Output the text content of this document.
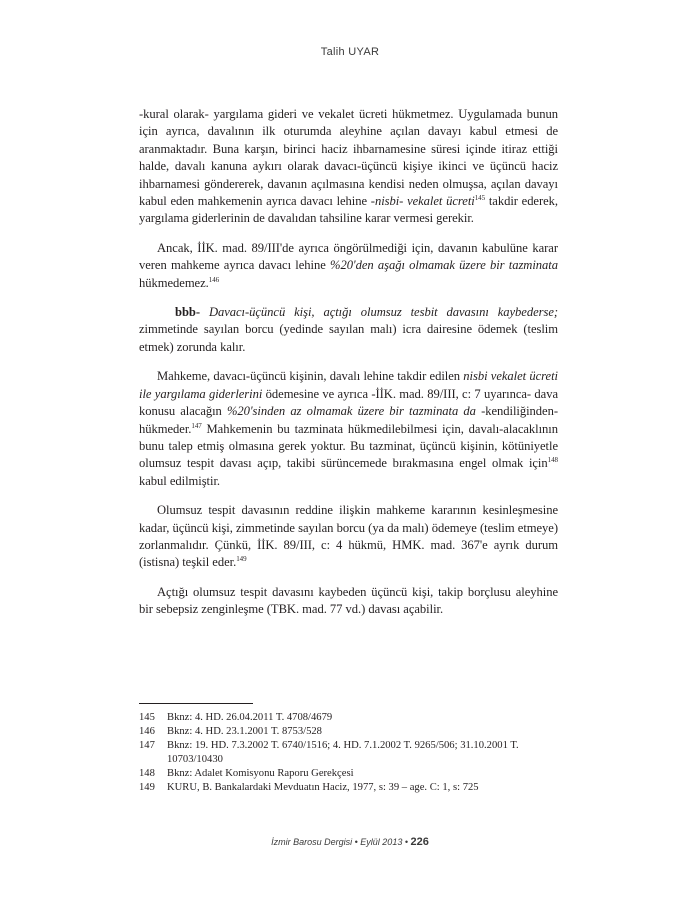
Talih UYAR

-kural olarak- yargılama gideri ve vekalet ücreti hükmetmez. Uygulamada bunun için ayrıca, davalının ilk oturumda aleyhine açılan davayı kabul etmesi de aranmaktadır. Buna karşın, birinci haciz ihbarnamesine süresi içinde itiraz ettiği halde, davalı kanuna aykırı olarak davacı-üçüncü kişiye ikinci ve üçüncü haciz ihbarnamesi göndererek, davanın açılmasına kendisi neden olmuşsa, açılan davayı kabul eden mahkemenin ayrıca davacı lehine -nisbi- vekalet ücreti$^{145}$ takdir ederek, yargılama giderlerinin de davalıdan tahsiline karar vermesi gerekir.

Ancak, İİK. mad. 89/III'de ayrıca öngörülmediği için, davanın kabulüne karar veren mahkeme ayrıca davacı lehine %20'den aşağı olmamak üzere bir tazminata hükmedemez.$^{146}$

bbb- Davacı-üçüncü kişi, açtığı olumsuz tesbit davasını kaybederse; zimmetinde sayılan borcu (yedinde sayılan malı) icra dairesine ödemek (teslim etmek) zorunda kalır.

Mahkeme, davacı-üçüncü kişinin, davalı lehine takdir edilen nisbi vekalet ücreti ile yargılama giderlerini ödemesine ve ayrıca -İİK. mad. 89/III, c: 7 uyarınca- dava konusu alacağın %20'sinden az olmamak üzere bir tazminata da -kendiliğinden- hükmeder.$^{147}$ Mahkemenin bu tazminata hükmedilebilmesi için, davalı-alacaklının bunu talep etmiş olmasına gerek yoktur. Bu tazminat, üçüncü kişinin, kötüniyetle olumsuz tespit davası açıp, takibi sürüncemede bırakmasına engel olmak için$^{148}$ kabul edilmiştir.

Olumsuz tespit davasının reddine ilişkin mahkeme kararının kesinleşmesine kadar, üçüncü kişi, zimmetinde sayılan borcu (ya da malı) ödemeye (teslim etmeye) zorlanmalıdır. Çünkü, İİK. 89/III, c: 4 hükmü, HMK. mad. 367'e ayrık durum (istisna) teşkil eder.$^{149}$

Açtığı olumsuz tespit davasını kaybeden üçüncü kişi, takip borçlusu aleyhine bir sebepsiz zenginleşme (TBK. mad. 77 vd.) davası açabilir.

145	Bknz: 4. HD. 26.04.2011 T. 4708/4679
146	Bknz: 4. HD. 23.1.2001 T. 8753/528
147	Bknz: 19. HD. 7.3.2002 T. 6740/1516; 4. HD. 7.1.2002 T. 9265/506; 31.10.2001 T. 10703/10430
148	Bknz: Adalet Komisyonu Raporu Gerekçesi
149	KURU, B. Bankalardaki Mevduatın Haciz, 1977, s: 39 – age. C: 1, s: 725
İzmir Barosu Dergisi • Eylül 2013 • 226
